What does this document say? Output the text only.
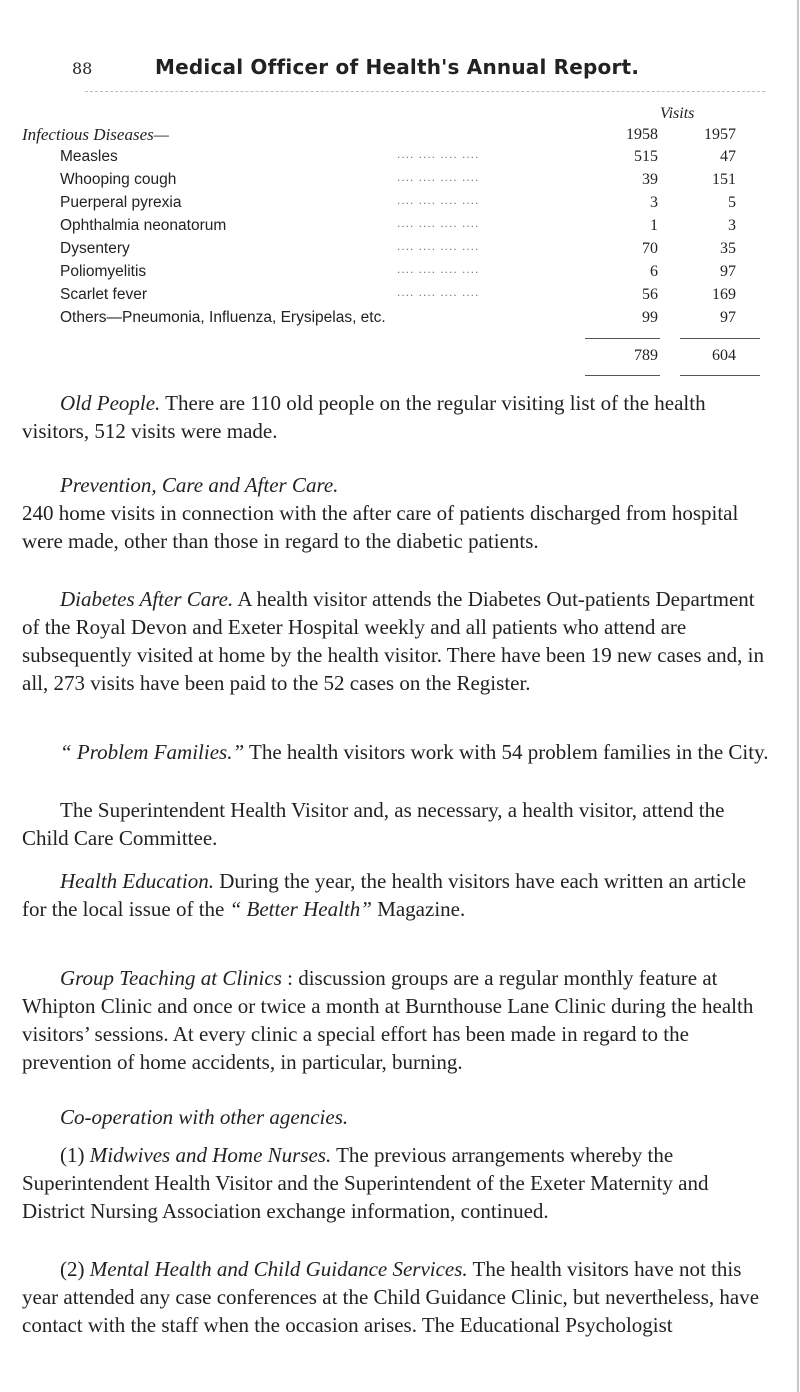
88	Medical Officer of Health's Annual Report.
Visits
Infectious Diseases—	1958	1957
Measles	.... .... .... ....	515	47
Whooping cough	.... .... .... ....	39	151
Puerperal pyrexia	.... .... .... ....	3	5
Ophthalmia neonatorum	.... .... .... ....	1	3
Dysentery	.... .... .... ....	70	35
Poliomyelitis	.... .... .... ....	6	97
Scarlet fever	.... .... .... ....	56	169
Others—Pneumonia, Influenza, Erysipelas, etc.	99	97
789	604

Old People. There are 110 old people on the regular visiting list of the health visitors, 512 visits were made.

Prevention, Care and After Care.
240 home visits in connection with the after care of patients discharged from hospital were made, other than those in regard to the diabetic patients.

Diabetes After Care. A health visitor attends the Diabetes Out-patients Department of the Royal Devon and Exeter Hospital weekly and all patients who attend are subsequently visited at home by the health visitor. There have been 19 new cases and, in all, 273 visits have been paid to the 52 cases on the Register.

“ Problem Families.” The health visitors work with 54 problem families in the City.

The Superintendent Health Visitor and, as necessary, a health visitor, attend the Child Care Committee.

Health Education. During the year, the health visitors have each written an article for the local issue of the “ Better Health” Magazine.

Group Teaching at Clinics : discussion groups are a regular monthly feature at Whipton Clinic and once or twice a month at Burnthouse Lane Clinic during the health visitors’ sessions. At every clinic a special effort has been made in regard to the prevention of home accidents, in particular, burning.

Co-operation with other agencies.

(1) Midwives and Home Nurses. The previous arrangements whereby the Superintendent Health Visitor and the Superintendent of the Exeter Maternity and District Nursing Association exchange information, continued.

(2) Mental Health and Child Guidance Services. The health visitors have not this year attended any case conferences at the Child Guidance Clinic, but nevertheless, have contact with the staff when the occasion arises. The Educational Psychologist
